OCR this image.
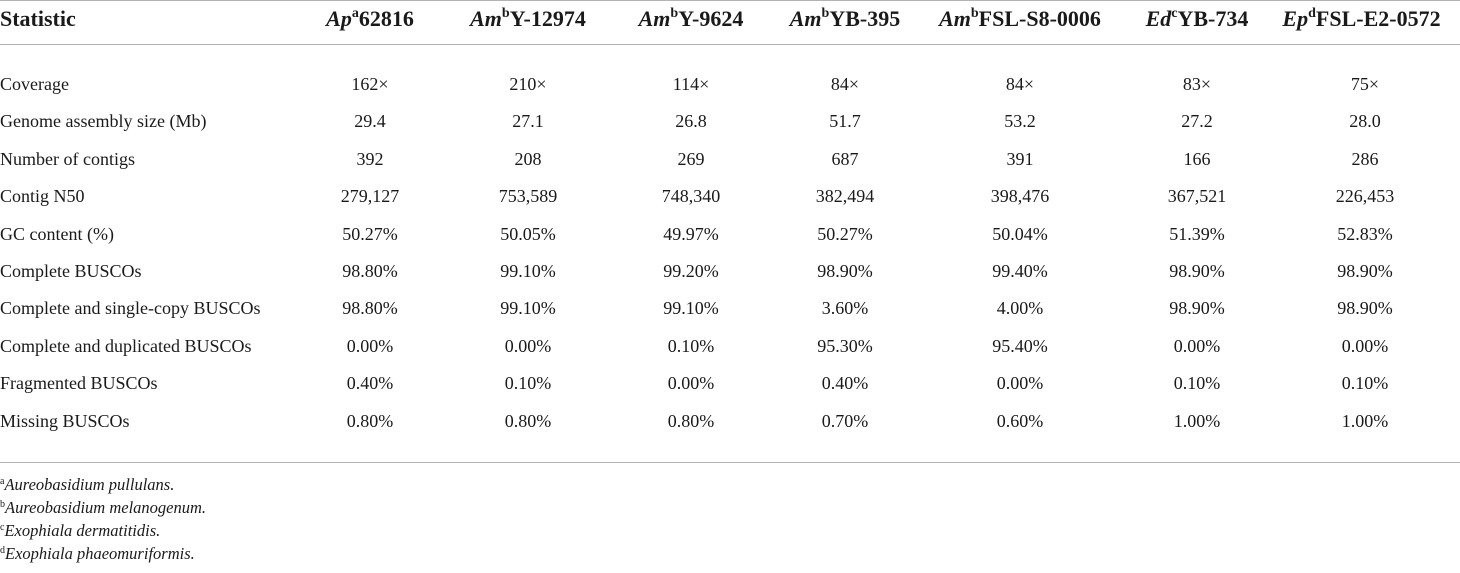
Statistic	Ap$^a$62816	Am$^b$Y-12974	Am$^b$Y-9624	Am$^b$YB-395	Am$^b$FSL-S8-0006	Ed$^c$YB-734	Ep$^d$FSL-E2-0572
Coverage	162×	210×	114×	84×	84×	83×	75×
Genome assembly size (Mb)	29.4	27.1	26.8	51.7	53.2	27.2	28.0
Number of contigs	392	208	269	687	391	166	286
Contig N50	279,127	753,589	748,340	382,494	398,476	367,521	226,453
GC content (%)	50.27%	50.05%	49.97%	50.27%	50.04%	51.39%	52.83%
Complete BUSCOs	98.80%	99.10%	99.20%	98.90%	99.40%	98.90%	98.90%
Complete and single-copy BUSCOs	98.80%	99.10%	99.10%	3.60%	4.00%	98.90%	98.90%
Complete and duplicated BUSCOs	0.00%	0.00%	0.10%	95.30%	95.40%	0.00%	0.00%
Fragmented BUSCOs	0.40%	0.10%	0.00%	0.40%	0.00%	0.10%	0.10%
Missing BUSCOs	0.80%	0.80%	0.80%	0.70%	0.60%	1.00%	1.00%
$^a$Aureobasidium pullulans.
$^b$Aureobasidium melanogenum.
$^c$Exophiala dermatitidis.
$^d$Exophiala phaeomuriformis.
